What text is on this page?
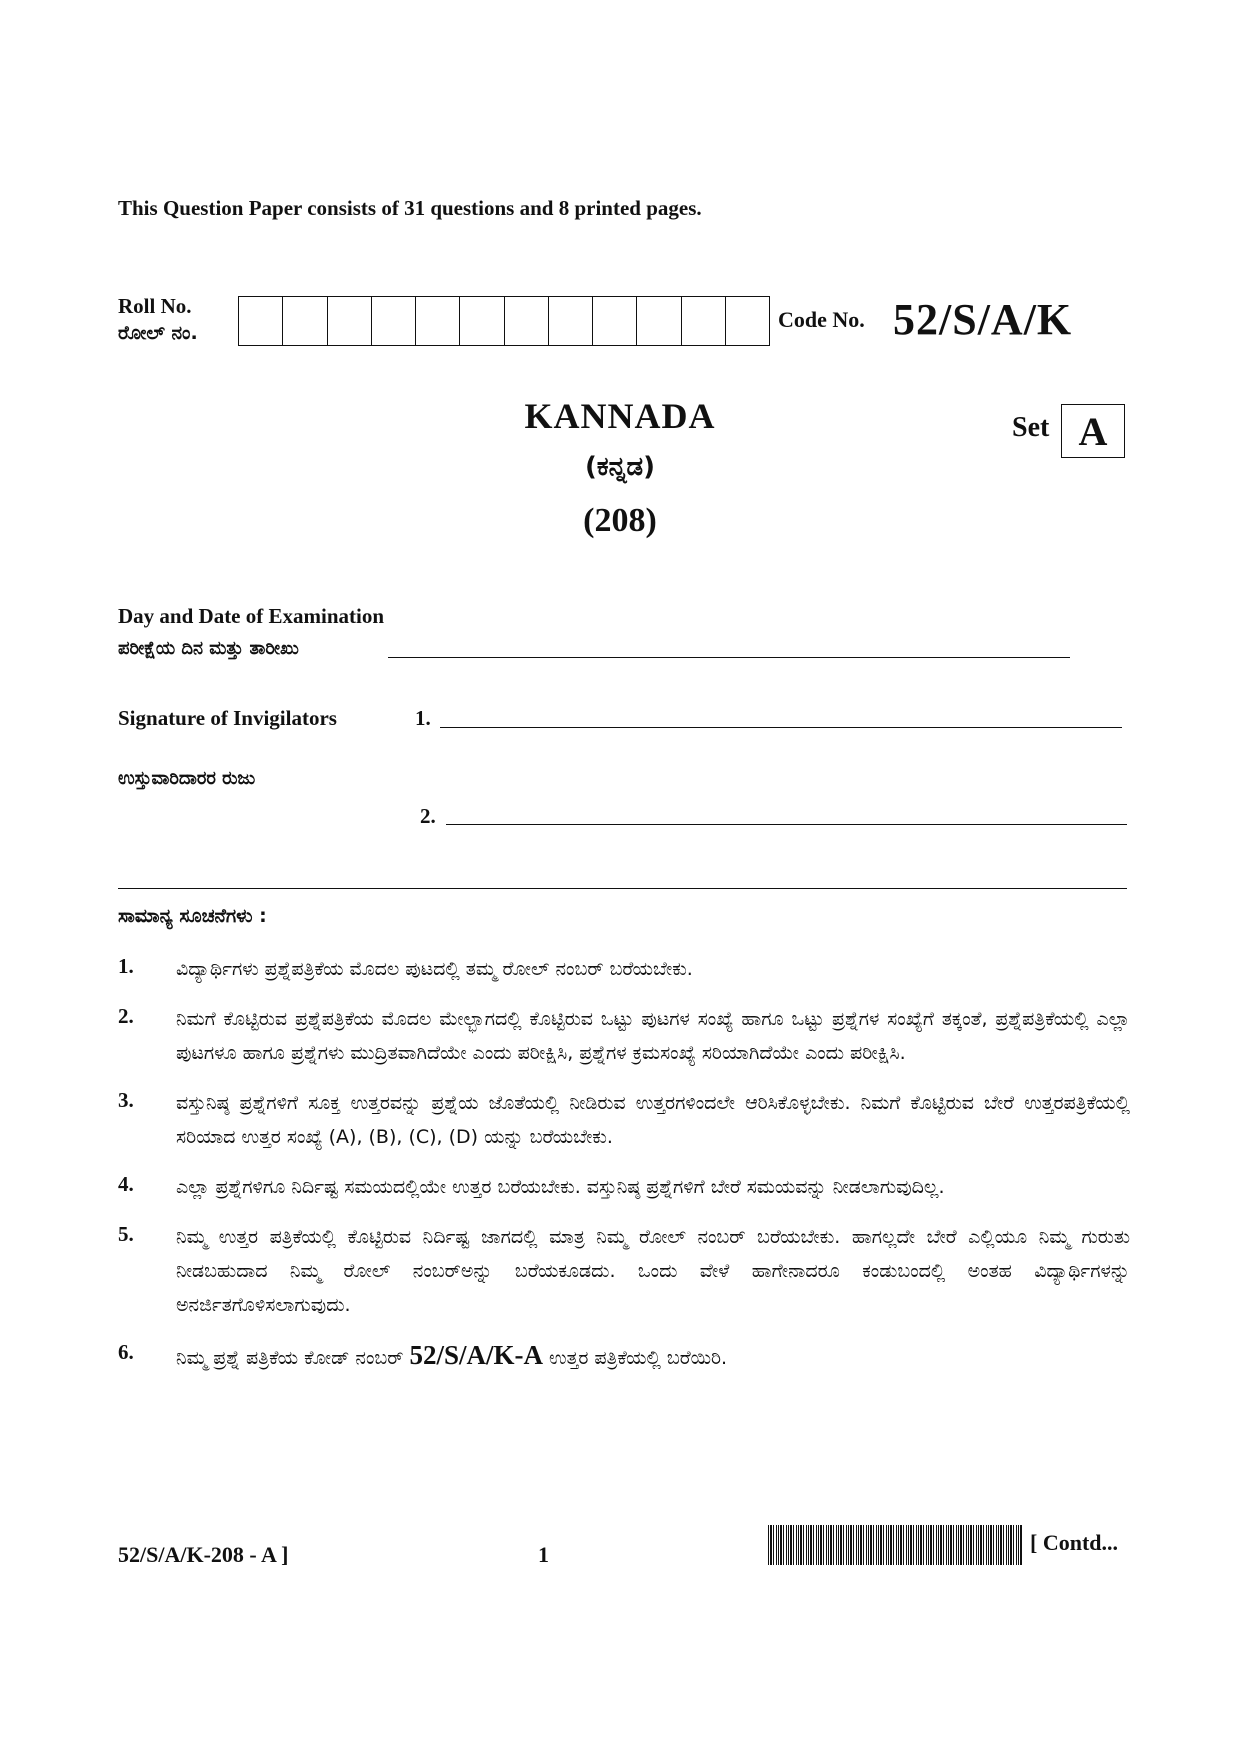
This Question Paper consists of 31 questions and 8 printed pages.
Roll No.
ರೋಲ್ ನಂ.
Code No. 52/S/A/K
KANNADA
(ಕನ್ನಡ)
(208)
Set A
Day and Date of Examination
ಪರೀಕ್ಷೆಯ ದಿನ ಮತ್ತು ತಾರೀಖು
Signature of Invigilators	1.
ಉಸ್ತುವಾರಿದಾರರ ರುಜು
2.
ಸಾಮಾನ್ಯ ಸೂಚನೆಗಳು :
1.	ವಿದ್ಯಾರ್ಥಿಗಳು ಪ್ರಶ್ನೆಪತ್ರಿಕೆಯ ಮೊದಲ ಪುಟದಲ್ಲಿ ತಮ್ಮ ರೋಲ್ ನಂಬರ್ ಬರೆಯಬೇಕು.
2.	ನಿಮಗೆ ಕೊಟ್ಟಿರುವ ಪ್ರಶ್ನೆಪತ್ರಿಕೆಯ ಮೊದಲ ಮೇಲ್ಭಾಗದಲ್ಲಿ ಕೊಟ್ಟಿರುವ ಒಟ್ಟು ಪುಟಗಳ ಸಂಖ್ಯೆ ಹಾಗೂ ಒಟ್ಟು ಪ್ರಶ್ನೆಗಳ ಸಂಖ್ಯೆಗೆ ತಕ್ಕಂತೆ, ಪ್ರಶ್ನೆಪತ್ರಿಕೆಯಲ್ಲಿ ಎಲ್ಲಾ ಪುಟಗಳೂ ಹಾಗೂ ಪ್ರಶ್ನೆಗಳು ಮುದ್ರಿತವಾಗಿದೆಯೇ ಎಂದು ಪರೀಕ್ಷಿಸಿ, ಪ್ರಶ್ನೆಗಳ ಕ್ರಮಸಂಖ್ಯೆ ಸರಿಯಾಗಿದೆಯೇ ಎಂದು ಪರೀಕ್ಷಿಸಿ.
3.	ವಸ್ತುನಿಷ್ಠ ಪ್ರಶ್ನೆಗಳಿಗೆ ಸೂಕ್ತ ಉತ್ತರವನ್ನು ಪ್ರಶ್ನೆಯ ಜೊತೆಯಲ್ಲಿ ನೀಡಿರುವ ಉತ್ತರಗಳಿಂದಲೇ ಆರಿಸಿಕೊಳ್ಳಬೇಕು. ನಿಮಗೆ ಕೊಟ್ಟಿರುವ ಬೇರೆ ಉತ್ತರಪತ್ರಿಕೆಯಲ್ಲಿ ಸರಿಯಾದ ಉತ್ತರ ಸಂಖ್ಯೆ (A), (B), (C), (D) ಯನ್ನು ಬರೆಯಬೇಕು.
4.	ಎಲ್ಲಾ ಪ್ರಶ್ನೆಗಳಿಗೂ ನಿರ್ದಿಷ್ಟ ಸಮಯದಲ್ಲಿಯೇ ಉತ್ತರ ಬರೆಯಬೇಕು. ವಸ್ತುನಿಷ್ಠ ಪ್ರಶ್ನೆಗಳಿಗೆ ಬೇರೆ ಸಮಯವನ್ನು ನೀಡಲಾಗುವುದಿಲ್ಲ.
5.	ನಿಮ್ಮ ಉತ್ತರ ಪತ್ರಿಕೆಯಲ್ಲಿ ಕೊಟ್ಟಿರುವ ನಿರ್ದಿಷ್ಟ ಜಾಗದಲ್ಲಿ ಮಾತ್ರ ನಿಮ್ಮ ರೋಲ್ ನಂಬರ್ ಬರೆಯಬೇಕು. ಹಾಗಲ್ಲದೇ ಬೇರೆ ಎಲ್ಲಿಯೂ ನಿಮ್ಮ ಗುರುತು ನೀಡಬಹುದಾದ ನಿಮ್ಮ ರೋಲ್ ನಂಬರ್‌ಅನ್ನು ಬರೆಯಕೂಡದು. ಒಂದು ವೇಳೆ ಹಾಗೇನಾದರೂ ಕಂಡುಬಂದಲ್ಲಿ ಅಂತಹ ವಿದ್ಯಾರ್ಥಿಗಳನ್ನು ಅನರ್ಜಿತಗೊಳಿಸಲಾಗುವುದು.
6.	ನಿಮ್ಮ ಪ್ರಶ್ನೆ ಪತ್ರಿಕೆಯ ಕೋಡ್ ನಂಬರ್ 52/S/A/K-A ಉತ್ತರ ಪತ್ರಿಕೆಯಲ್ಲಿ ಬರೆಯಿರಿ.
52/S/A/K-208 - A ]	1	[ Contd...
